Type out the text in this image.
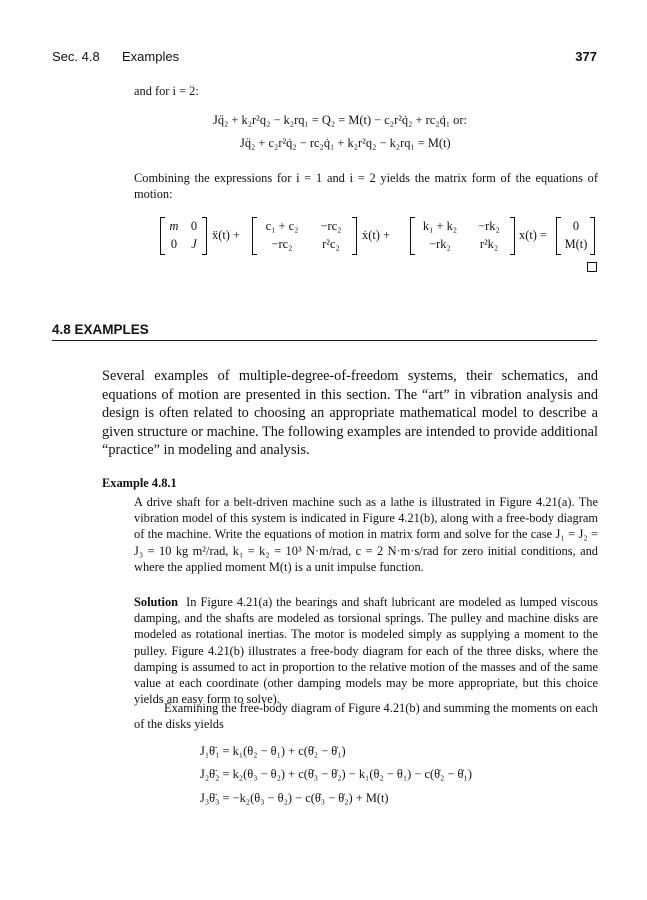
Sec. 4.8 Examples	377
and for i = 2:
Jq̈₂ + k₂r²q₂ − k₂rq₁ = Q₂ = M(t) − c₂r²q̇₂ + rc₂q̇₁ or:
Jq̈₂ + c₂r²q̇₂ − rc₂q̇₁ + k₂r²q₂ − k₂rq₁ = M(t)
Combining the expressions for i = 1 and i = 2 yields the matrix form of the equations of motion:
m 0
0	J
ẍ(t) +
c₁ + c₂	−rc₂
−rc₂	r²c₂
ẋ(t) +
k₁ + k₂	−rk₂
−rk₂	r²k₂
x(t) =
0
M(t)
4.8 EXAMPLES
Several examples of multiple-degree-of-freedom systems, their schematics, and equations of motion are presented in this section. The “art” in vibration analysis and design is often related to choosing an appropriate mathematical model to describe a given structure or machine. The following examples are intended to provide additional “practice” in modeling and analysis.
Example 4.8.1
A drive shaft for a belt-driven machine such as a lathe is illustrated in Figure 4.21(a). The vibration model of this system is indicated in Figure 4.21(b), along with a free-body diagram of the machine. Write the equations of motion in matrix form and solve for the case J₁ = J₂ = J₃ = 10 kg m²/rad, k₁ = k₂ = 10³ N·m/rad, c = 2 N·m·s/rad for zero initial conditions, and where the applied moment M(t) is a unit impulse function.
Solution In Figure 4.21(a) the bearings and shaft lubricant are modeled as lumped viscous damping, and the shafts are modeled as torsional springs. The pulley and machine disks are modeled as rotational inertias. The motor is modeled simply as supplying a moment to the pulley. Figure 4.21(b) illustrates a free-body diagram for each of the three disks, where the damping is assumed to act in proportion to the relative motion of the masses and of the same value at each coordinate (other damping models may be more appropriate, but this choice yields an easy form to solve).
Examining the free-body diagram of Figure 4.21(b) and summing the moments on each of the disks yields
J₁θ̈₁ = k₁(θ₂ − θ₁) + c(θ̇₂ − θ̇₁)
J₂θ̈₂ = k₂(θ₃ − θ₂) + c(θ̇₃ − θ̇₂) − k₁(θ₂ − θ₁) − c(θ̇₂ − θ̇₁)
J₃θ̈₃ = −k₂(θ₃ − θ₂) − c(θ̇₃ − θ̇₂) + M(t)
